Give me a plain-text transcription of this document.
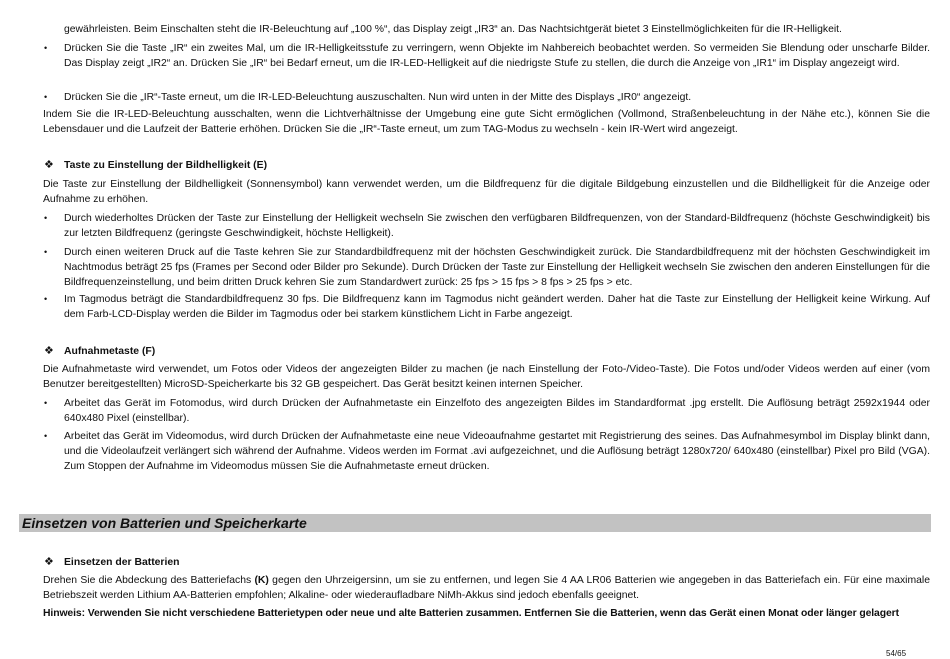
gewährleisten. Beim Einschalten steht die IR-Beleuchtung auf „100 %“, das Display zeigt „IR3“ an. Das Nachtsichtgerät bietet 3 Einstellmöglichkeiten für die IR-Helligkeit.

• Drücken Sie die Taste „IR“ ein zweites Mal, um die IR-Helligkeitsstufe zu verringern, wenn Objekte im Nahbereich beobachtet werden. So vermeiden Sie Blendung oder unscharfe Bilder. Das Display zeigt „IR2“ an. Drücken Sie „IR“ bei Bedarf erneut, um die IR-LED-Helligkeit auf die niedrigste Stufe zu stellen, die durch die Anzeige von „IR1“ im Display angezeigt wird.

• Drücken Sie die „IR“-Taste erneut, um die IR-LED-Beleuchtung auszuschalten. Nun wird unten in der Mitte des Displays „IR0“ angezeigt.

Indem Sie die IR-LED-Beleuchtung ausschalten, wenn die Lichtverhältnisse der Umgebung eine gute Sicht ermöglichen (Vollmond, Straßenbeleuchtung in der Nähe etc.), können Sie die Lebensdauer und die Laufzeit der Batterie erhöhen. Drücken Sie die „IR“-Taste erneut, um zum TAG-Modus zu wechseln - kein IR-Wert wird angezeigt.

❖ Taste zu Einstellung der Bildhelligkeit (E)

Die Taste zur Einstellung der Bildhelligkeit (Sonnensymbol) kann verwendet werden, um die Bildfrequenz für die digitale Bildgebung einzustellen und die Bildhelligkeit für die Anzeige oder Aufnahme zu erhöhen.

• Durch wiederholtes Drücken der Taste zur Einstellung der Helligkeit wechseln Sie zwischen den verfügbaren Bildfrequenzen, von der Standard-Bildfrequenz (höchste Geschwindigkeit) bis zur letzten Bildfrequenz (geringste Geschwindigkeit, höchste Helligkeit).

• Durch einen weiteren Druck auf die Taste kehren Sie zur Standardbildfrequenz mit der höchsten Geschwindigkeit zurück. Die Standardbildfrequenz mit der höchsten Geschwindigkeit im Nachtmodus beträgt 25 fps (Frames per Second oder Bilder pro Sekunde). Durch Drücken der Taste zur Einstellung der Helligkeit wechseln Sie zwischen den anderen Einstellungen für die Bildfrequenzeinstellung, und beim dritten Druck kehren Sie zum Standardwert zurück: 25 fps > 15 fps > 8 fps > 25 fps > etc.

• Im Tagmodus beträgt die Standardbildfrequenz 30 fps. Die Bildfrequenz kann im Tagmodus nicht geändert werden. Daher hat die Taste zur Einstellung der Helligkeit keine Wirkung. Auf dem Farb-LCD-Display werden die Bilder im Tagmodus oder bei starkem künstlichem Licht in Farbe angezeigt.

❖ Aufnahmetaste (F)

Die Aufnahmetaste wird verwendet, um Fotos oder Videos der angezeigten Bilder zu machen (je nach Einstellung der Foto-/Video-Taste). Die Fotos und/oder Videos werden auf einer (vom Benutzer bereitgestellten) MicroSD-Speicherkarte bis 32 GB gespeichert. Das Gerät besitzt keinen internen Speicher.

• Arbeitet das Gerät im Fotomodus, wird durch Drücken der Aufnahmetaste ein Einzelfoto des angezeigten Bildes im Standardformat .jpg erstellt. Die Auflösung beträgt 2592x1944 oder 640x480 Pixel (einstellbar).

• Arbeitet das Gerät im Videomodus, wird durch Drücken der Aufnahmetaste eine neue Videoaufnahme gestartet mit Registrierung des seines. Das Aufnahmesymbol im Display blinkt dann, und die Videolaufzeit verlängert sich während der Aufnahme. Videos werden im Format .avi aufgezeichnet, und die Auflösung beträgt 1280x720/ 640x480 (einstellbar) Pixel pro Bild (VGA). Zum Stoppen der Aufnahme im Videomodus müssen Sie die Aufnahmetaste erneut drücken.

Einsetzen von Batterien und Speicherkarte
❖ Einsetzen der Batterien

Drehen Sie die Abdeckung des Batteriefachs (K) gegen den Uhrzeigersinn, um sie zu entfernen, und legen Sie 4 AA LR06 Batterien wie angegeben in das Batteriefach ein. Für eine maximale Betriebszeit werden Lithium AA-Batterien empfohlen; Alkaline- oder wiederaufladbare NiMh-Akkus sind jedoch ebenfalls geeignet.

Hinweis: Verwenden Sie nicht verschiedene Batterietypen oder neue und alte Batterien zusammen. Entfernen Sie die Batterien, wenn das Gerät einen Monat oder länger gelagert

54/65
